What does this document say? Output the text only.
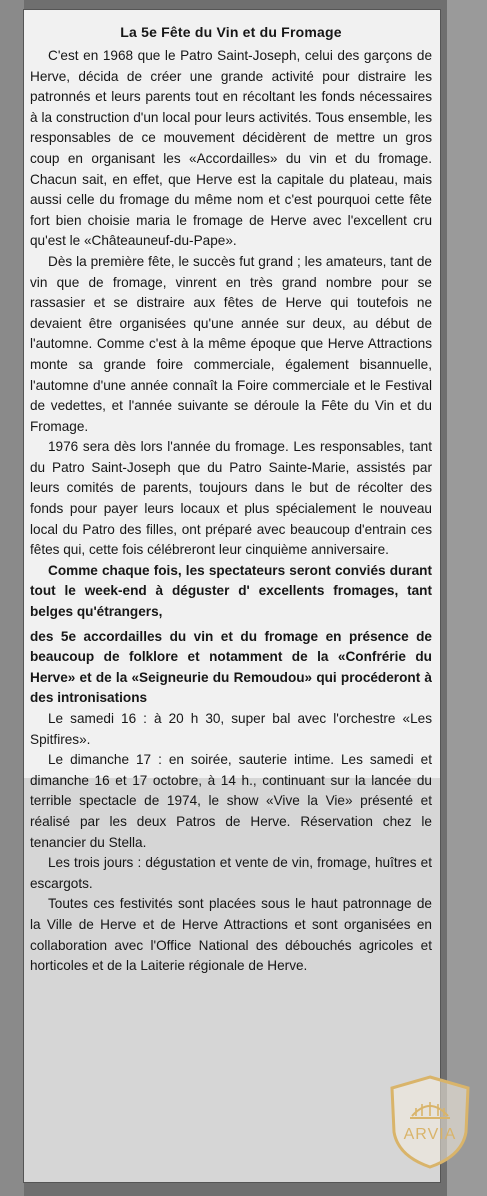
La 5e Fête du Vin et du Fromage

C'est en 1968 que le Patro Saint-Joseph, celui des garçons de Herve, décida de créer une grande activité pour distraire les patronnés et leurs parents tout en récoltant les fonds nécessaires à la construction d'un local pour leurs activités. Tous ensemble, les responsables de ce mouvement décidèrent de mettre un gros coup en organisant les «Accordailles» du vin et du fromage. Chacun sait, en effet, que Herve est la capitale du plateau, mais aussi celle du fromage du même nom et c'est pourquoi cette fête fort bien choisie maria le fromage de Herve avec l'excellent cru qu'est le «Châteauneuf-du-Pape».

Dès la première fête, le succès fut grand ; les amateurs, tant de vin que de fromage, vinrent en très grand nombre pour se rassasier et se distraire aux fêtes de Herve qui toutefois ne devaient être organisées qu'une année sur deux, au début de l'automne. Comme c'est à la même époque que Herve Attractions monte sa grande foire commerciale, également bisannuelle, l'automne d'une année connaît la Foire commerciale et le Festival de vedettes, et l'année suivante se déroule la Fête du Vin et du Fromage.

1976 sera dès lors l'année du fromage. Les responsables, tant du Patro Saint-Joseph que du Patro Sainte-Marie, assistés par leurs comités de parents, toujours dans le but de récolter des fonds pour payer leurs locaux et plus spécialement le nouveau local du Patro des filles, ont préparé avec beaucoup d'entrain ces fêtes qui, cette fois célébreront leur cinquième anniversaire.

Comme chaque fois, les spectateurs seront conviés durant tout le week-end à déguster d' excellents fromages, tant belges qu'étrangers,

des 5e accordailles du vin et du fromage en présence de beaucoup de folklore et notamment de la «Confrérie du Herve» et de la «Seigneurie du Remoudou» qui procéderont à des intronisations

Le samedi 16 : à 20 h 30, super bal avec l'orchestre «Les Spitfires».

Le dimanche 17 : en soirée, sauterie intime. Les samedi et dimanche 16 et 17 octobre, à 14 h., continuant sur la lancée du terrible spectacle de 1974, le show «Vive la Vie» présenté et réalisé par les deux Patros de Herve. Réservation chez le tenancier du Stella.

Les trois jours : dégustation et vente de vin, fromage, huîtres et escargots.

Toutes ces festivités sont placées sous le haut patronnage de la Ville de Herve et de Herve Attractions et sont organisées en collaboration avec l'Office National des débouchés agricoles et horticoles et de la Laiterie régionale de Herve.

ARVIA
